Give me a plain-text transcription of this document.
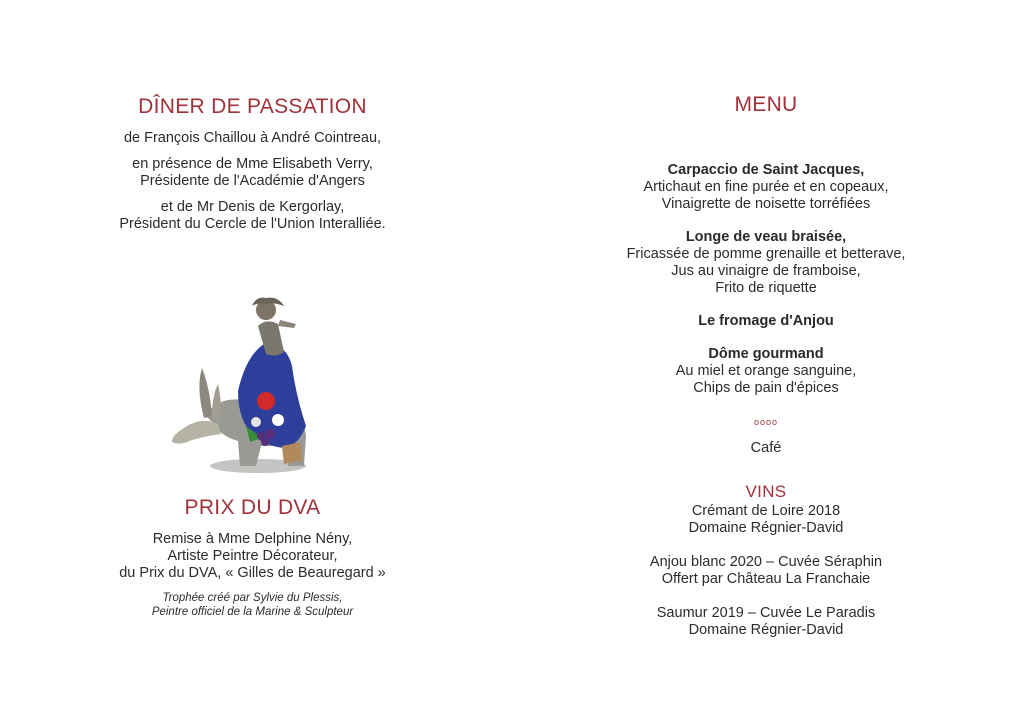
DÎNER DE PASSATION

de François Chaillou à André Cointreau,

en présence de Mme Elisabeth Verry,

Présidente de l'Académie d'Angers

et de Mr Denis de Kergorlay,

Président du Cercle de l'Union Interalliée.

PRIX DU DVA

Remise à Mme Delphine Nény,

Artiste Peintre Décorateur,

du Prix du DVA, « Gilles de Beauregard »

Trophée créé par Sylvie du Plessis,

Peintre officiel de la Marine & Sculpteur

MENU

Carpaccio de Saint Jacques,

Artichaut en fine purée et en copeaux,

Vinaigrette de noisette torréfiées

Longe de veau braisée,

Fricassée de pomme grenaille et betterave,

Jus au vinaigre de framboise,

Frito de riquette

Le fromage d'Anjou

Dôme gourmand

Au miel et orange sanguine,

Chips de pain d'épices

oooo

Café

VINS

Crémant de Loire 2018

Domaine Régnier-David

Anjou blanc 2020 – Cuvée Séraphin

Offert par Château La Franchaie

Saumur 2019 – Cuvée Le Paradis

Domaine Régnier-David
